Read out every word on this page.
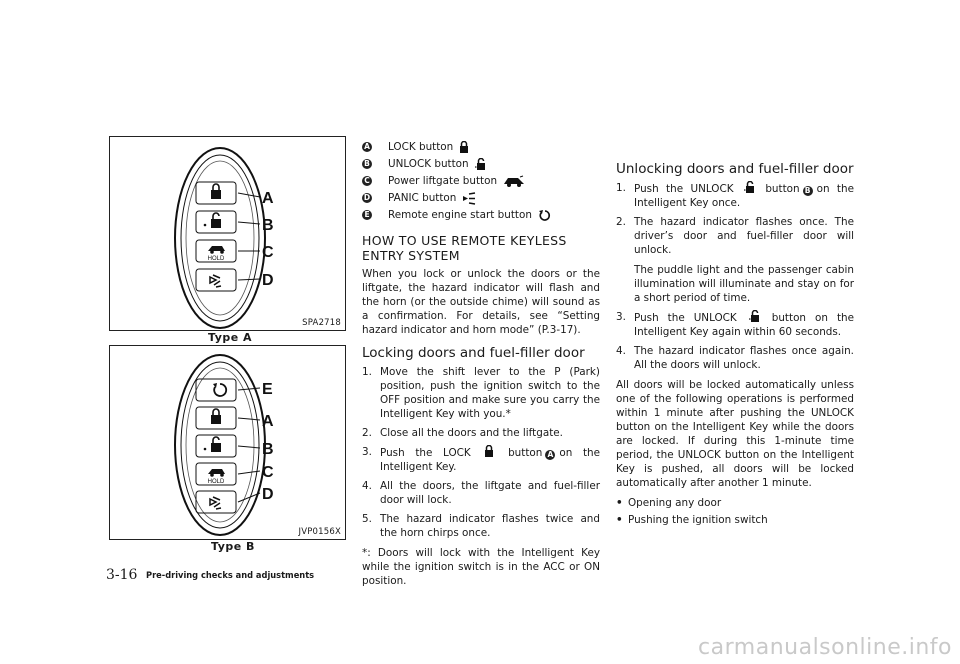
A
B
C
D
HOLD
SPA2718
Type A
E
A
B
C
D
HOLD
JVP0156X
Type B
3-16 Pre-driving checks and adjustments
A LOCK button
B UNLOCK button
C Power liftgate button
D PANIC button
E Remote engine start button
HOW TO USE REMOTE KEYLESS ENTRY SYSTEM

When you lock or unlock the doors or the liftgate, the hazard indicator will flash and the horn (or the outside chime) will sound as a confirmation. For details, see “Setting hazard indicator and horn mode” (P.3-17).

Locking doors and fuel-filler door
1. Move the shift lever to the P (Park) position, push the ignition switch to the OFF position and make sure you carry the Intelligent Key with you.*
2. Close all the doors and the liftgate.
3. Push the LOCK	button A on the Intelligent Key.
4. All the doors, the liftgate and fuel-filler door will lock.
5. The hazard indicator flashes twice and the horn chirps once.

*: Doors will lock with the Intelligent Key while the ignition switch is in the ACC or ON position.

Unlocking doors and fuel-filler door
1. Push the UNLOCK	button B on the Intelligent Key once.
2. The hazard indicator flashes once. The driver’s door and fuel-filler door will unlock.
The puddle light and the passenger cabin illumination will illuminate and stay on for a short period of time.
3. Push the UNLOCK	button on the Intelligent Key again within 60 seconds.
4. The hazard indicator flashes once again. All the doors will unlock.

All doors will be locked automatically unless one of the following operations is performed within 1 minute after pushing the UNLOCK button on the Intelligent Key while the doors are locked. If during this 1-minute time period, the UNLOCK button on the Intelligent Key is pushed, all doors will be locked automatically after another 1 minute.

• Opening any door
• Pushing the ignition switch
carmanualsonline.info
